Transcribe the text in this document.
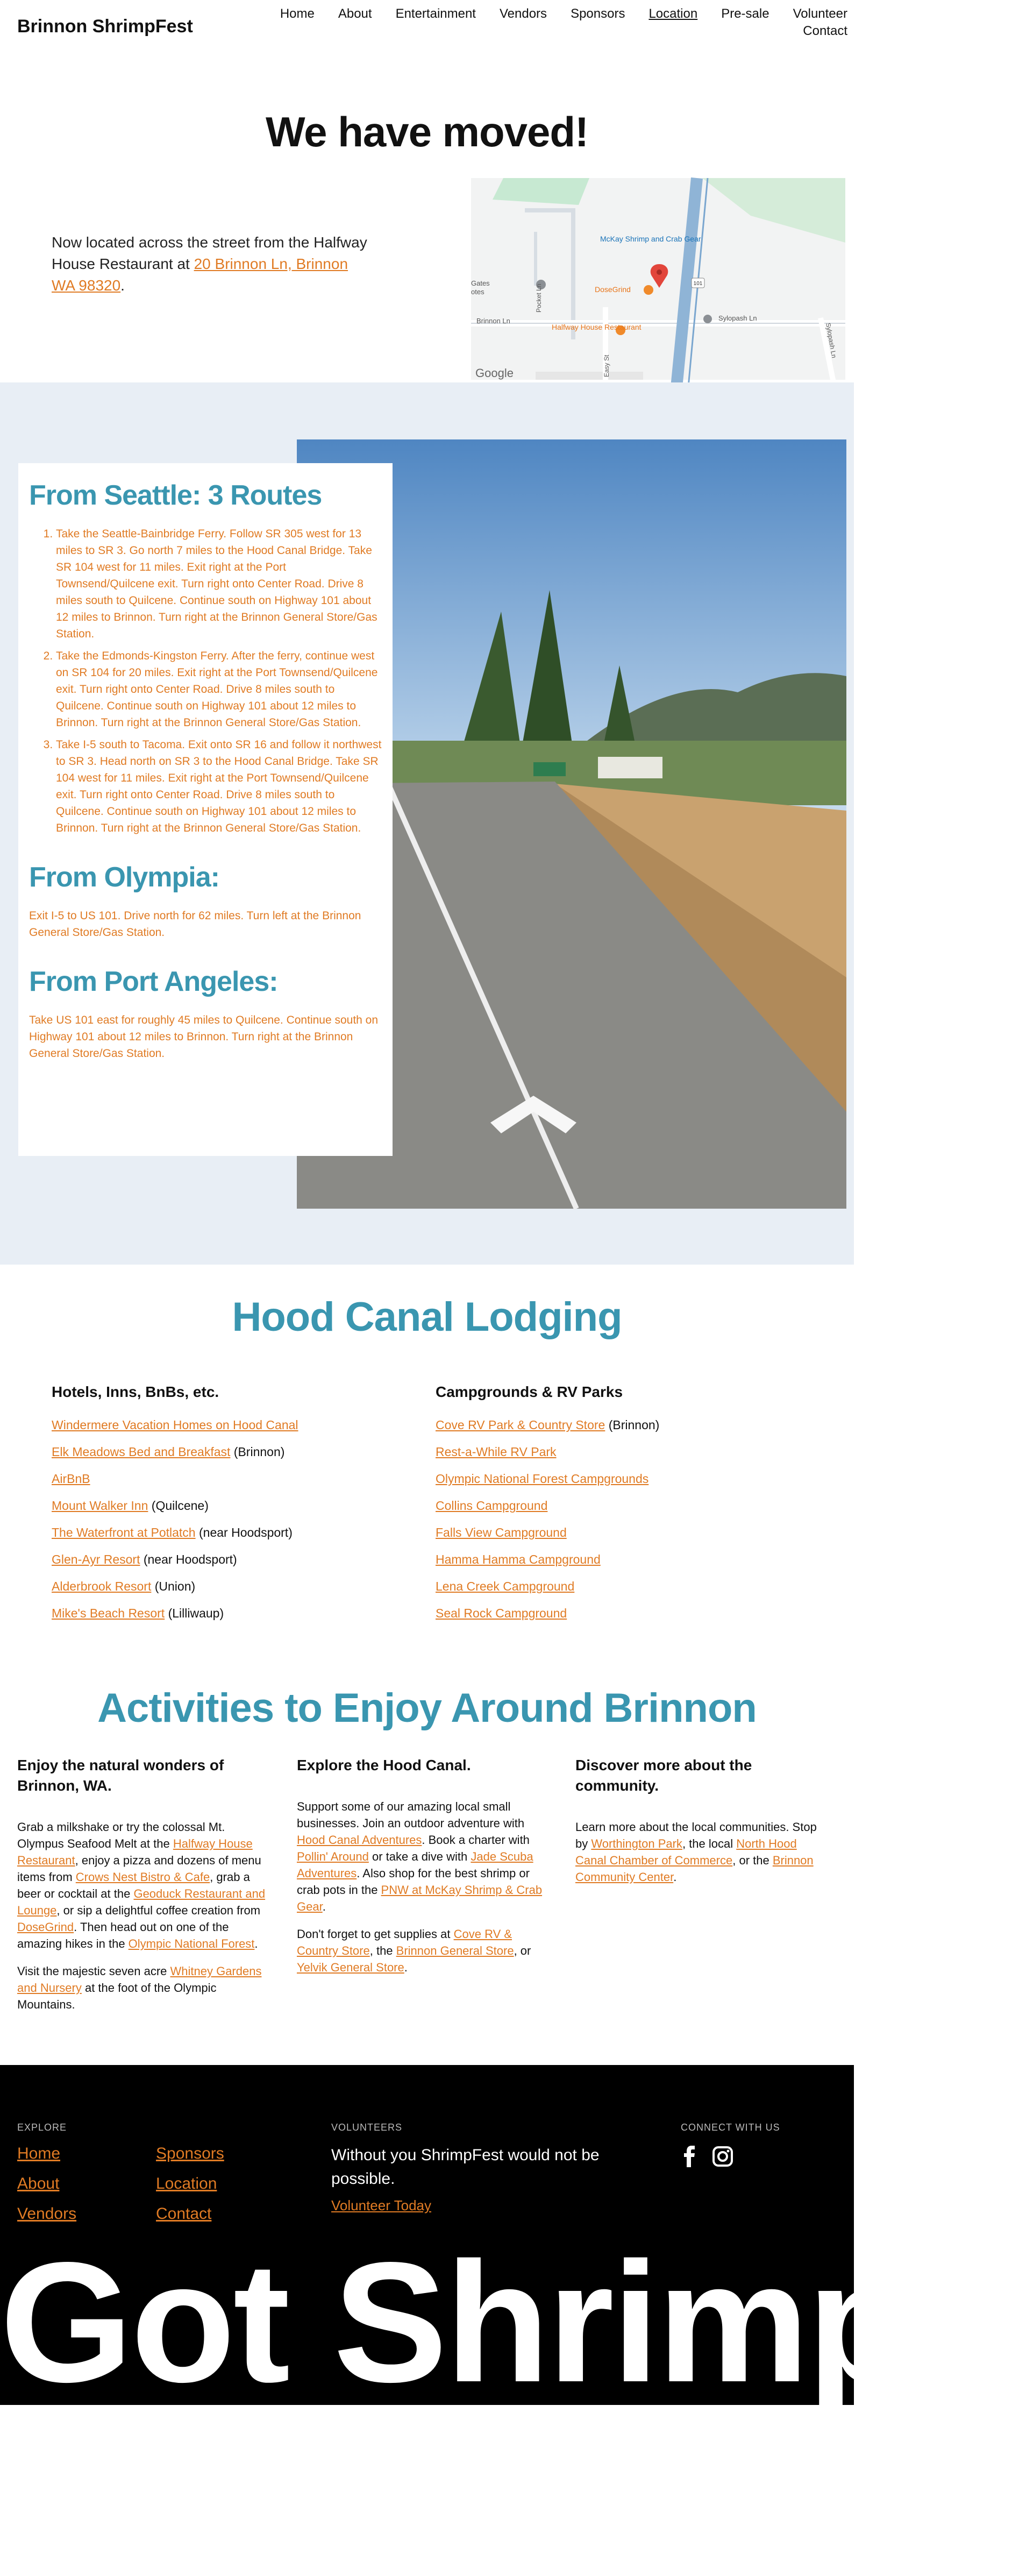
Brinnon ShrimpFest
Home About Entertainment Vendors Sponsors Location Pre-sale Volunteer
Contact
We have moved!

Now located across the street from the Halfway House Restaurant at 20 Brinnon Ln, Brinnon WA 98320.	101
McKay Shrimp and Crab Gear
DoseGrind
Halfway House Restaurant
Brinnon Ln	Sylopash Ln
Gates
otes	Pocket Ln
Easy St
Sylopash Ln
Google
From Seattle: 3 Routes
1. Take the Seattle-Bainbridge Ferry. Follow SR 305 west for 13 miles to SR 3. Go north 7 miles to the Hood Canal Bridge. Take SR 104 west for 11 miles. Exit right at the Port Townsend/Quilcene exit. Turn right onto Center Road. Drive 8 miles south to Quilcene. Continue south on Highway 101 about 12 miles to Brinnon. Turn right at the Brinnon General Store/Gas Station.
2. Take the Edmonds-Kingston Ferry. After the ferry, continue west on SR 104 for 20 miles. Exit right at the Port Townsend/Quilcene exit. Turn right onto Center Road. Drive 8 miles south to Quilcene. Continue south on Highway 101 about 12 miles to Brinnon. Turn right at the Brinnon General Store/Gas Station.
3. Take I-5 south to Tacoma. Exit onto SR 16 and follow it northwest to SR 3. Head north on SR 3 to the Hood Canal Bridge. Take SR 104 west for 11 miles. Exit right at the Port Townsend/Quilcene exit. Turn right onto Center Road. Drive 8 miles south to Quilcene. Continue south on Highway 101 about 12 miles to Brinnon. Turn right at the Brinnon General Store/Gas Station.
From Olympia:

Exit I-5 to US 101. Drive north for 62 miles. Turn left at the Brinnon General Store/Gas Station.

From Port Angeles:

Take US 101 east for roughly 45 miles to Quilcene. Continue south on Highway 101 about 12 miles to Brinnon. Turn right at the Brinnon General Store/Gas Station.

Hood Canal Lodging
Hotels, Inns, BnBs, etc.
Windermere Vacation Homes on Hood Canal
Elk Meadows Bed and Breakfast (Brinnon)
AirBnB
Mount Walker Inn (Quilcene)
The Waterfront at Potlatch (near Hoodsport)
Glen-Ayr Resort (near Hoodsport)
Alderbrook Resort (Union)
Mike's Beach Resort (Lilliwaup)
Campgrounds & RV Parks
Cove RV Park & Country Store (Brinnon)
Rest-a-While RV Park
Olympic National Forest Campgrounds
Collins Campground
Falls View Campground
Hamma Hamma Campground
Lena Creek Campground
Seal Rock Campground
Activities to Enjoy Around Brinnon
Enjoy the natural wonders of Brinnon, WA.

Grab a milkshake or try the colossal Mt. Olympus Seafood Melt at the Halfway House Restaurant, enjoy a pizza and dozens of menu items from Crows Nest Bistro & Cafe, grab a beer or cocktail at the Geoduck Restaurant and Lounge, or sip a delightful coffee creation from DoseGrind. Then head out on one of the amazing hikes in the Olympic National Forest.

Visit the majestic seven acre Whitney Gardens and Nursery at the foot of the Olympic Mountains.

Explore the Hood Canal.

Support some of our amazing local small businesses. Join an outdoor adventure with Hood Canal Adventures. Book a charter with Pollin' Around or take a dive with Jade Scuba Adventures. Also shop for the best shrimp or crab pots in the PNW at McKay Shrimp & Crab Gear.

Don't forget to get supplies at Cove RV & Country Store, the Brinnon General Store, or Yelvik General Store.

Discover more about the community.

Learn more about the local communities. Stop by Worthington Park, the local North Hood Canal Chamber of Commerce, or the Brinnon Community Center.

EXPLORE
Home	Sponsors
About	Location
Vendors	Contact
VOLUNTEERS
Without you ShrimpFest would not be possible.
Volunteer Today
CONNECT WITH US
Got Shrimp?
